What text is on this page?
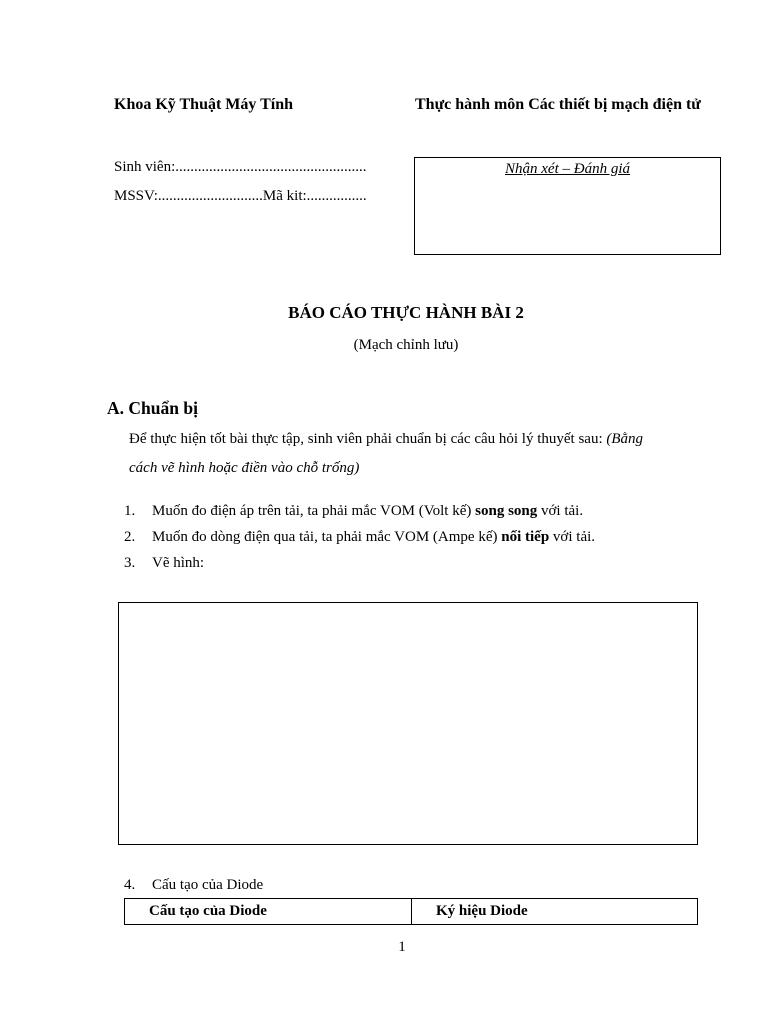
Khoa Kỹ Thuật Máy Tính	Thực hành môn Các thiết bị mạch điện tử
Sinh viên:...................................................
MSSV:............................Mã kit:................
Nhận xét – Đánh giá
BÁO CÁO THỰC HÀNH BÀI 2
(Mạch chỉnh lưu)
A. Chuẩn bị
Để thực hiện tốt bài thực tập, sinh viên phải chuẩn bị các câu hỏi lý thuyết sau: (Bằng
cách vẽ hình hoặc điền vào chỗ trống)
1. Muốn đo điện áp trên tải, ta phải mắc VOM (Volt kế) song song với tải.
2. Muốn đo dòng điện qua tải, ta phải mắc VOM (Ampe kế) nối tiếp với tải.
3. Vẽ hình:
4. Cấu tạo của Diode
Cấu tạo của Diode	Ký hiệu Diode
1
